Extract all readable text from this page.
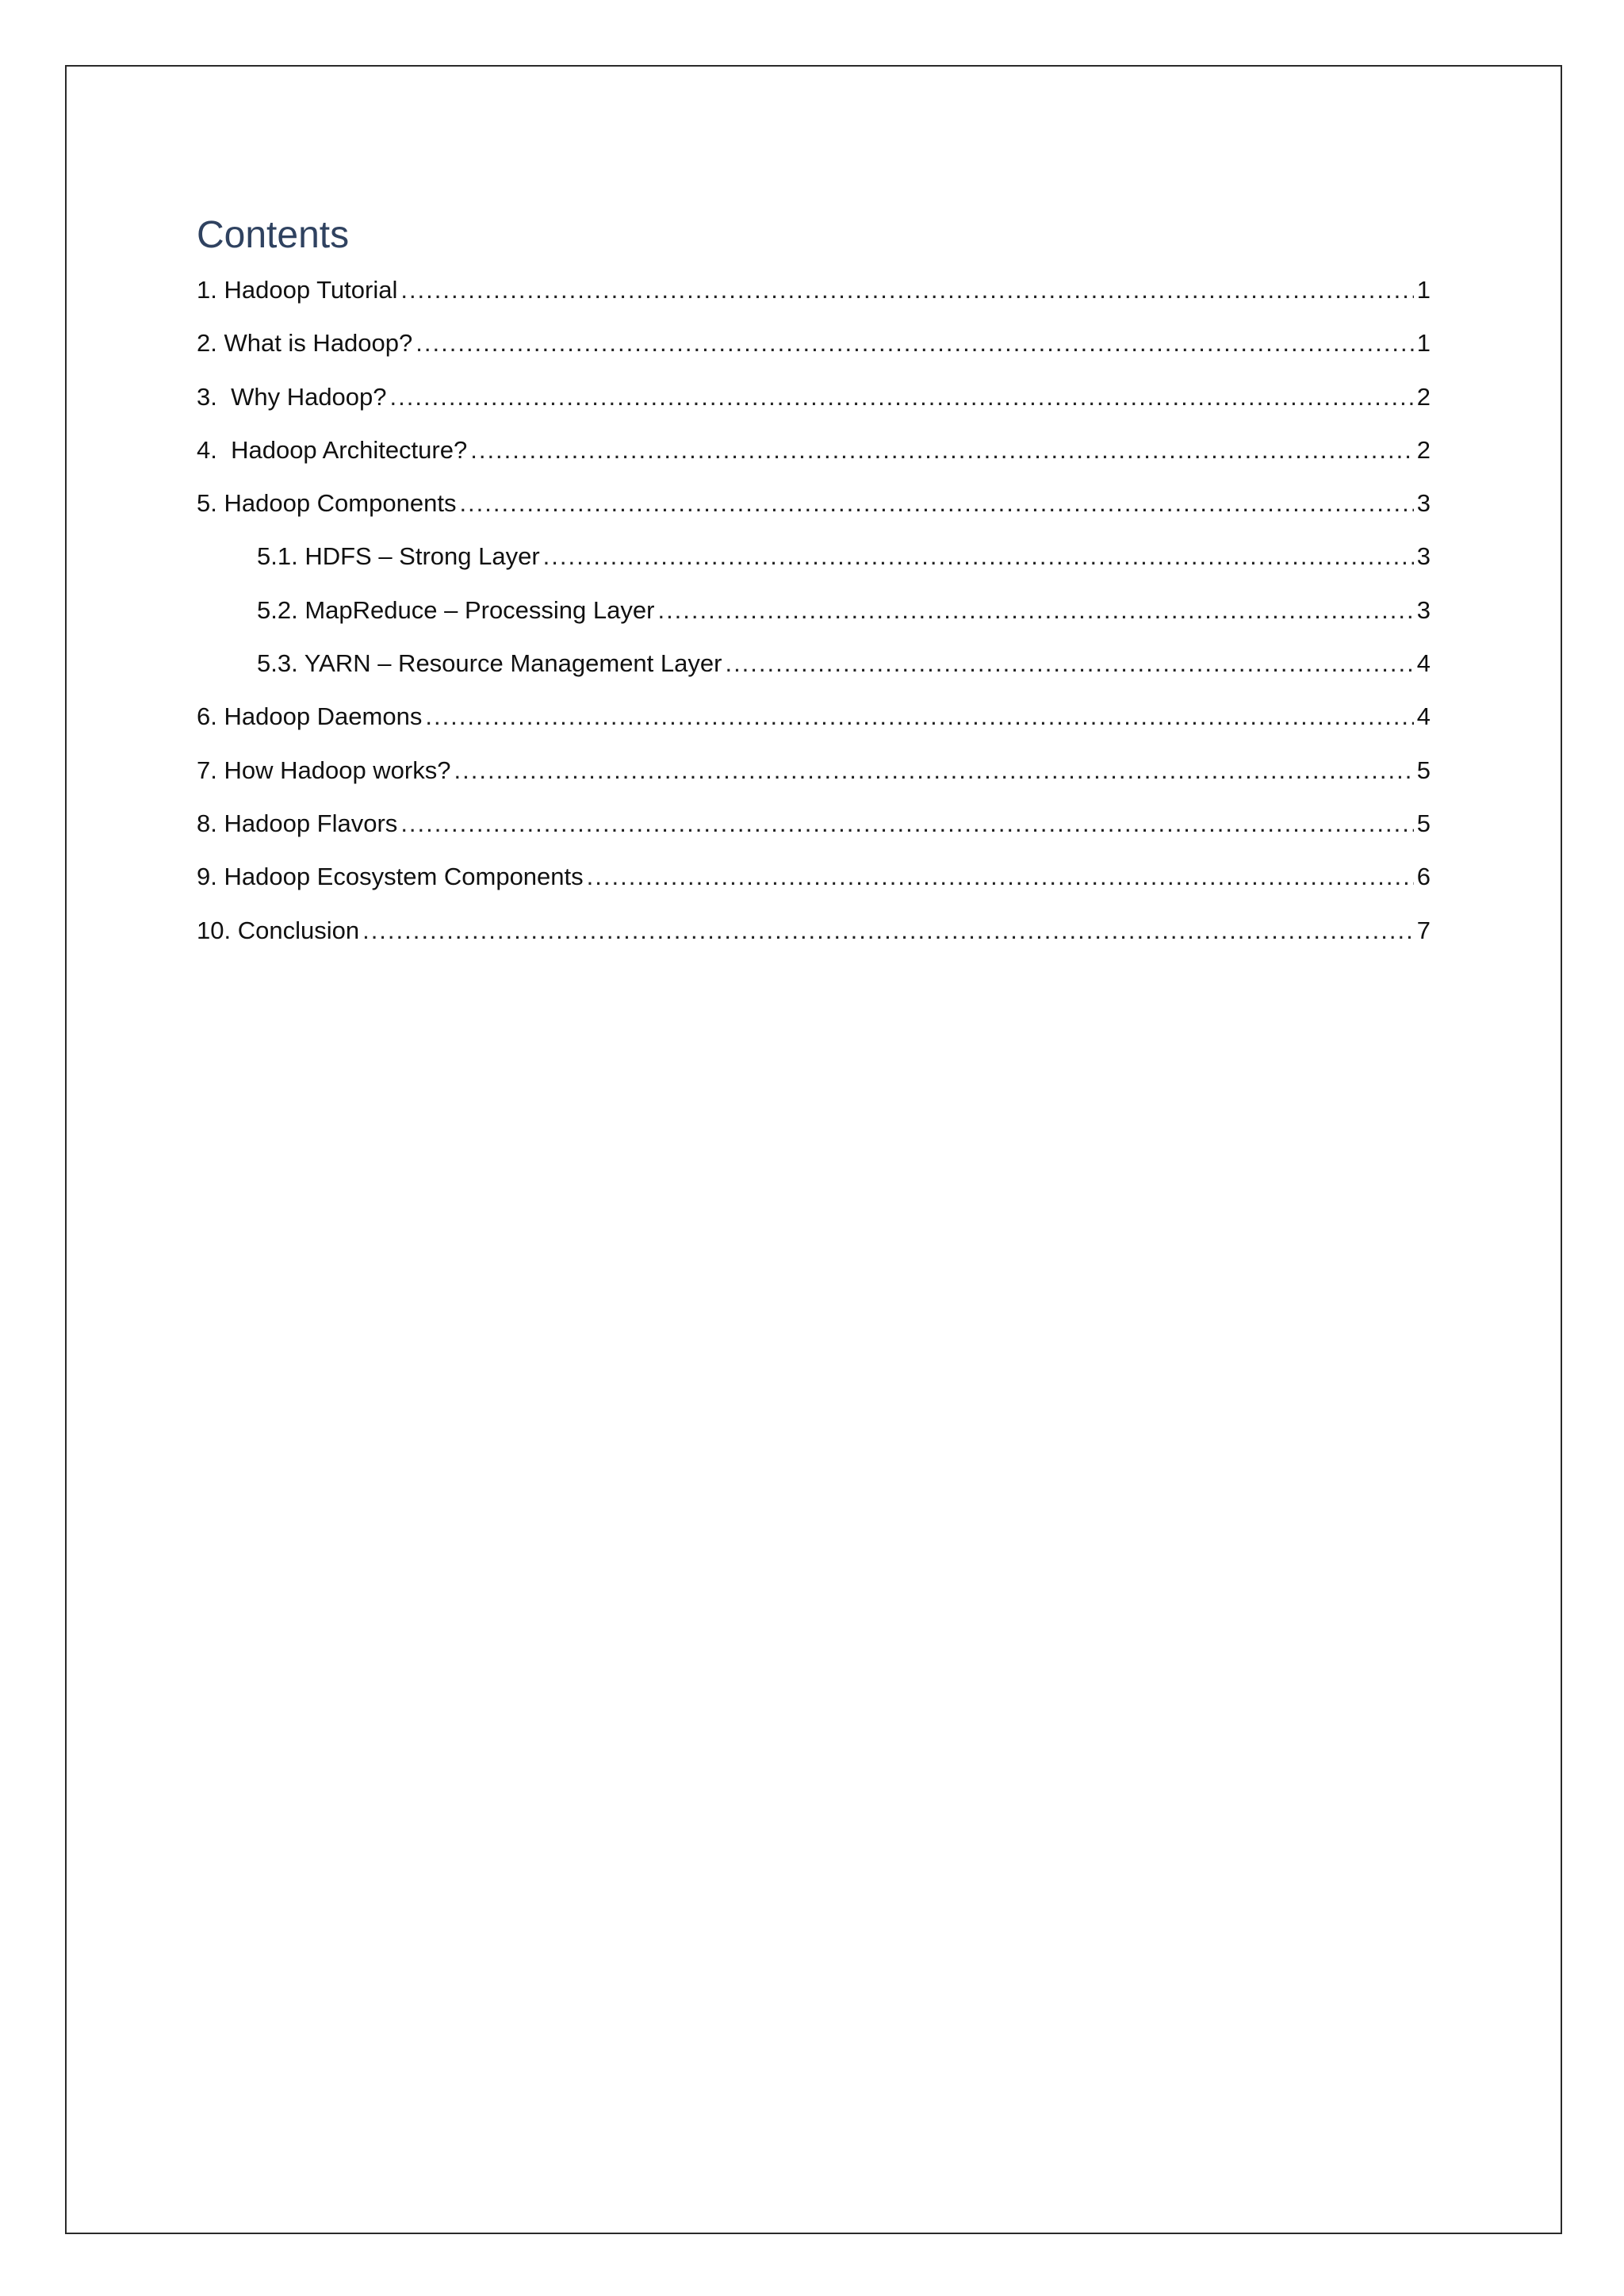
Contents
1. Hadoop Tutorial .....	1
2. What is Hadoop? .....	1
3.  Why Hadoop? .....	2
4.  Hadoop Architecture? .....	2
5. Hadoop Components .....	3
5.1. HDFS – Strong Layer .....	3
5.2. MapReduce – Processing Layer .....	3
5.3. YARN – Resource Management Layer .....	4
6. Hadoop Daemons .....	4
7. How Hadoop works? .....	5
8. Hadoop Flavors .....	5
9. Hadoop Ecosystem Components .....	6
10. Conclusion .....	7
